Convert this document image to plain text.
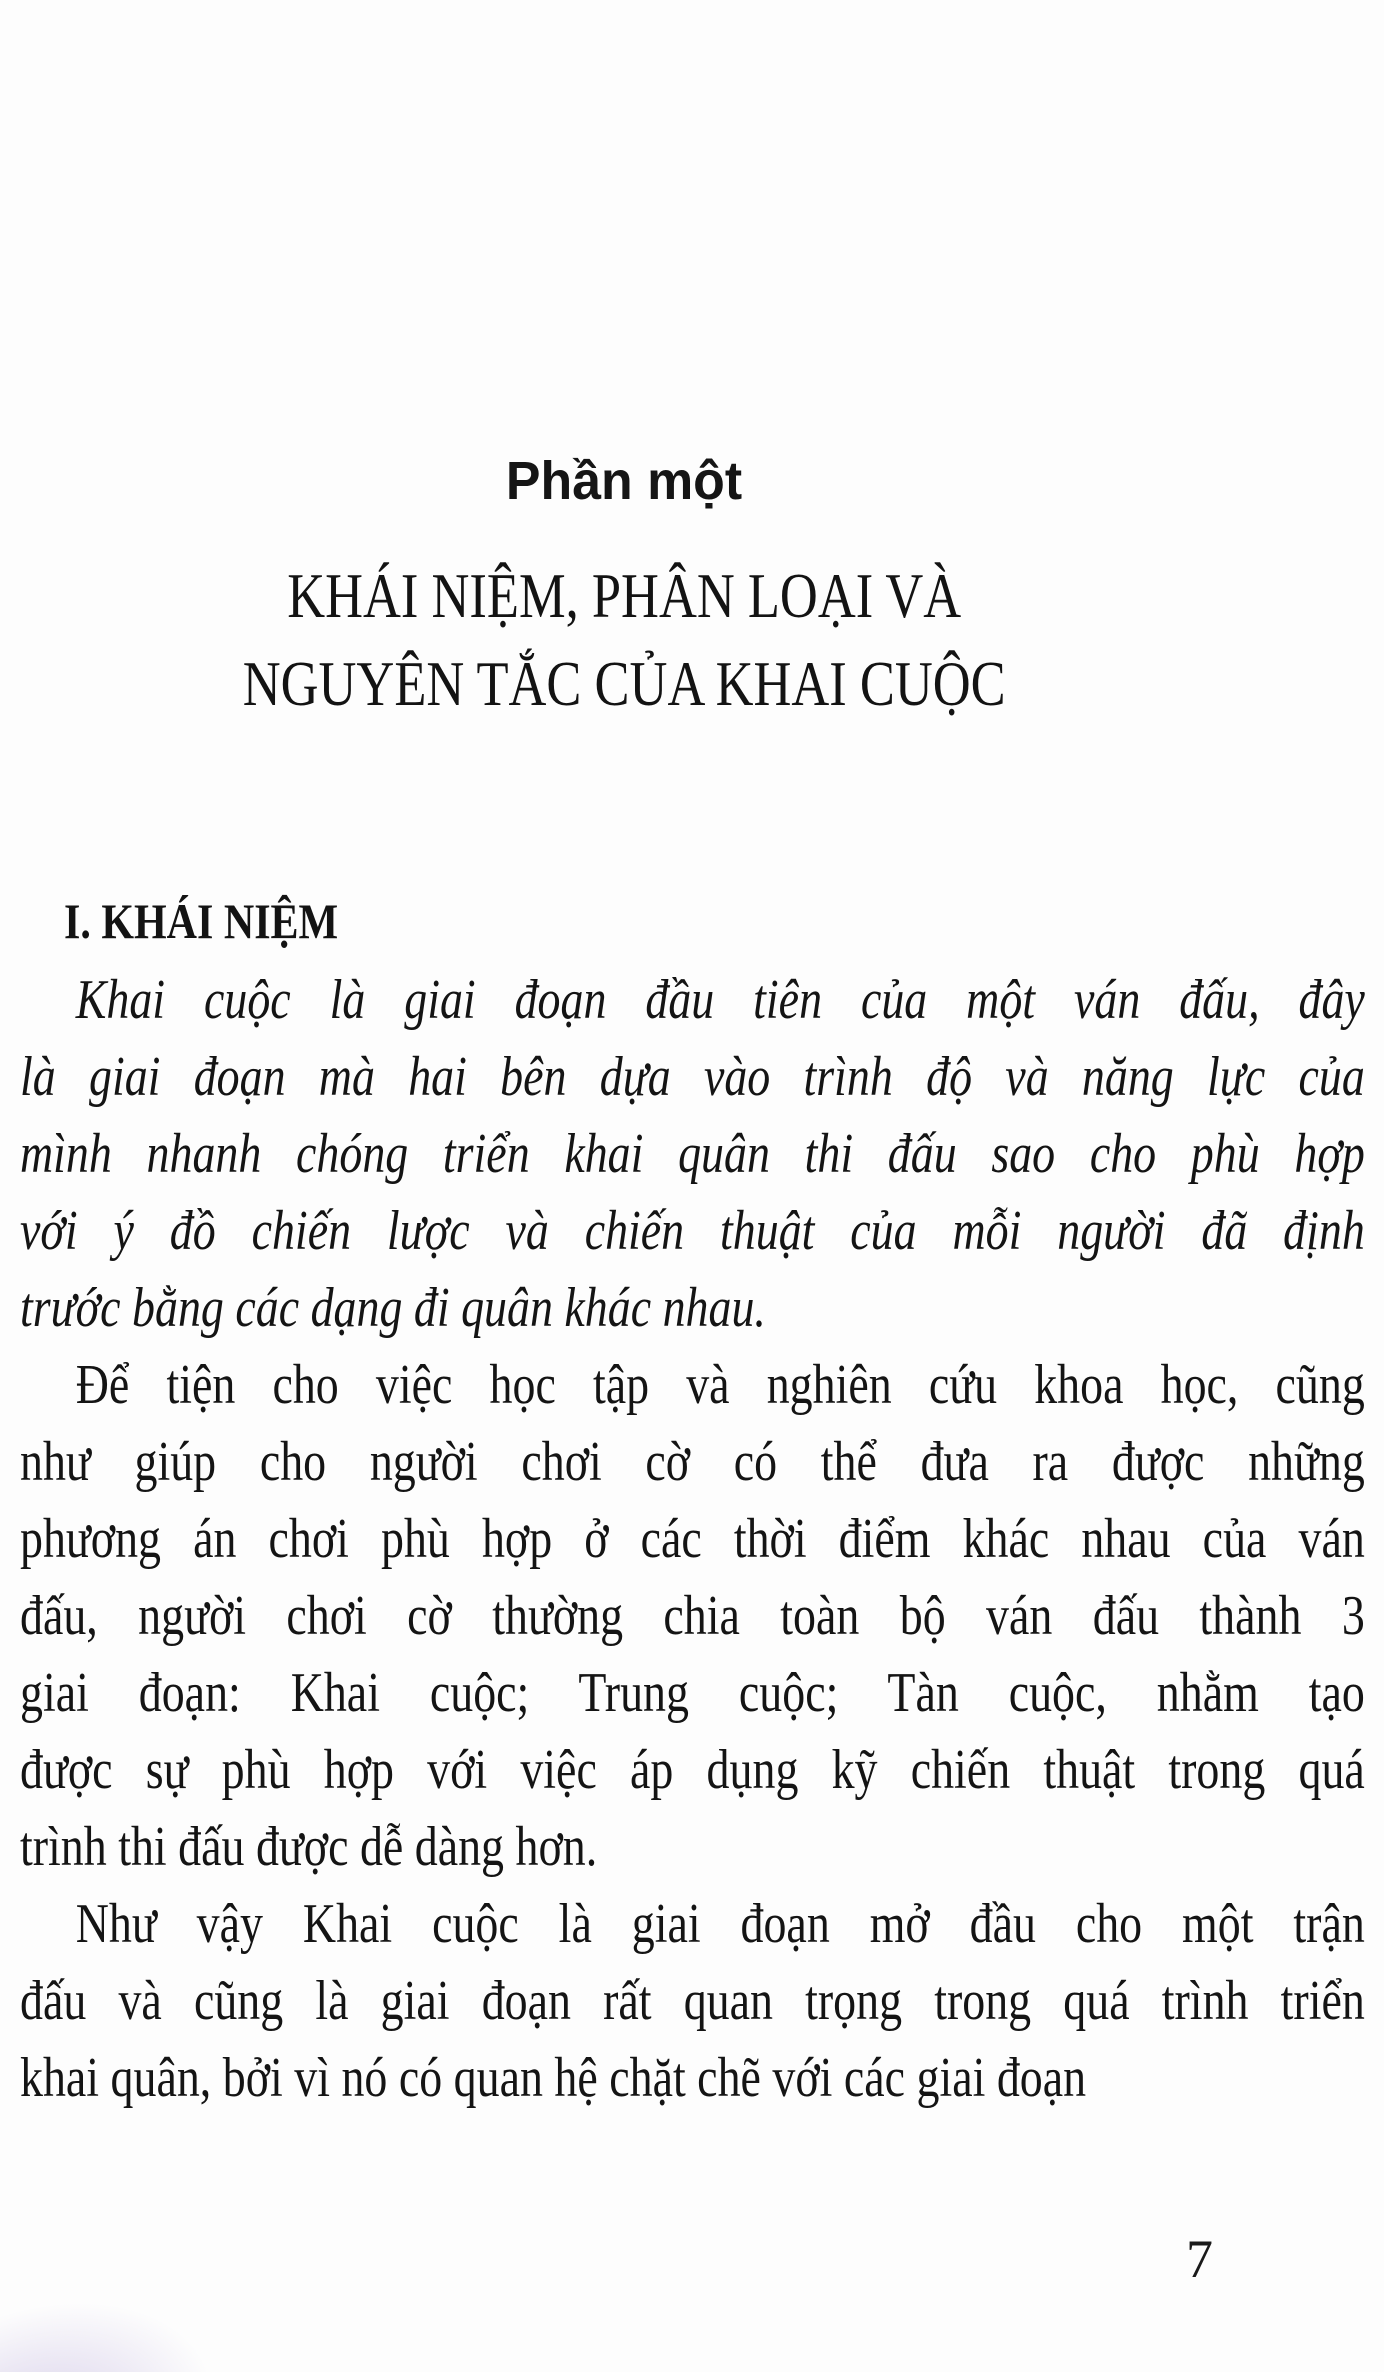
Phần một
KHÁI NIỆM, PHÂN LOẠI VÀ
NGUYÊN TẮC CỦA KHAI CUỘC
I. KHÁI NIỆM
Khai cuộc là giai đoạn đầu tiên của một ván đấu, đây
là giai đoạn mà hai bên dựa vào trình độ và năng lực của
mình nhanh chóng triển khai quân thi đấu sao cho phù hợp
với ý đồ chiến lược và chiến thuật của mỗi người đã định
trước bằng các dạng đi quân khác nhau.
Để tiện cho việc học tập và nghiên cứu khoa học, cũng
như giúp cho người chơi cờ có thể đưa ra được những
phương án chơi phù hợp ở các thời điểm khác nhau của ván
đấu, người chơi cờ thường chia toàn bộ ván đấu thành 3
giai đoạn: Khai cuộc; Trung cuộc; Tàn cuộc, nhằm tạo
được sự phù hợp với việc áp dụng kỹ chiến thuật trong quá
trình thi đấu được dễ dàng hơn.
Như vậy Khai cuộc là giai đoạn mở đầu cho một trận
đấu và cũng là giai đoạn rất quan trọng trong quá trình triển
khai quân, bởi vì nó có quan hệ chặt chẽ với các giai đoạn
7
